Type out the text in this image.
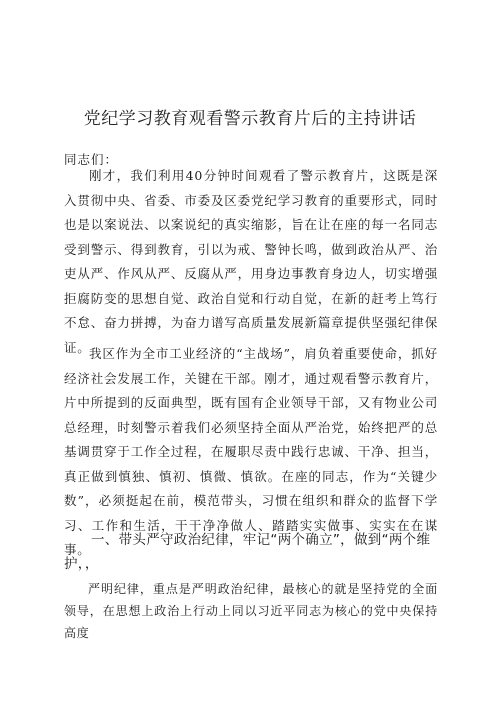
党纪学习教育观看警示教育片后的主持讲话
同志们：

刚才，我们利用40分钟时间观看了警示教育片，这既是深入贯彻中央、省委、市委及区委党纪学习教育的重要形式，同时也是以案说法、以案说纪的真实缩影，旨在让在座的每一名同志受到警示、得到教育，引以为戒、警钟长鸣，做到政治从严、治吏从严、作风从严、反腐从严，用身边事教育身边人，切实增强拒腐防变的思想自觉、政治自觉和行动自觉，在新的赶考上笃行不怠、奋力拼搏，为奋力谱写高质量发展新篇章提供坚强纪律保证。

我区作为全市工业经济的“主战场”，肩负着重要使命，抓好经济社会发展工作，关键在干部。刚才，通过观看警示教育片，片中所提到的反面典型，既有国有企业领导干部，又有物业公司总经理，时刻警示着我们必须坚持全面从严治党，始终把严的总基调贯穿于工作全过程，在履职尽责中践行忠诚、干净、担当，真正做到慎独、慎初、慎微、慎欲。在座的同志，作为“关键少数”，必须挺起在前，模范带头，习惯在组织和群众的监督下学习、工作和生活，干干净净做人、踏踏实实做事、实实在在谋事。

一、带头严守政治纪律，牢记“两个确立”，做到“两个维护，，

严明纪律，重点是严明政治纪律，最核心的就是坚持党的全面领导，在思想上政治上行动上同以习近平同志为核心的党中央保持高度
